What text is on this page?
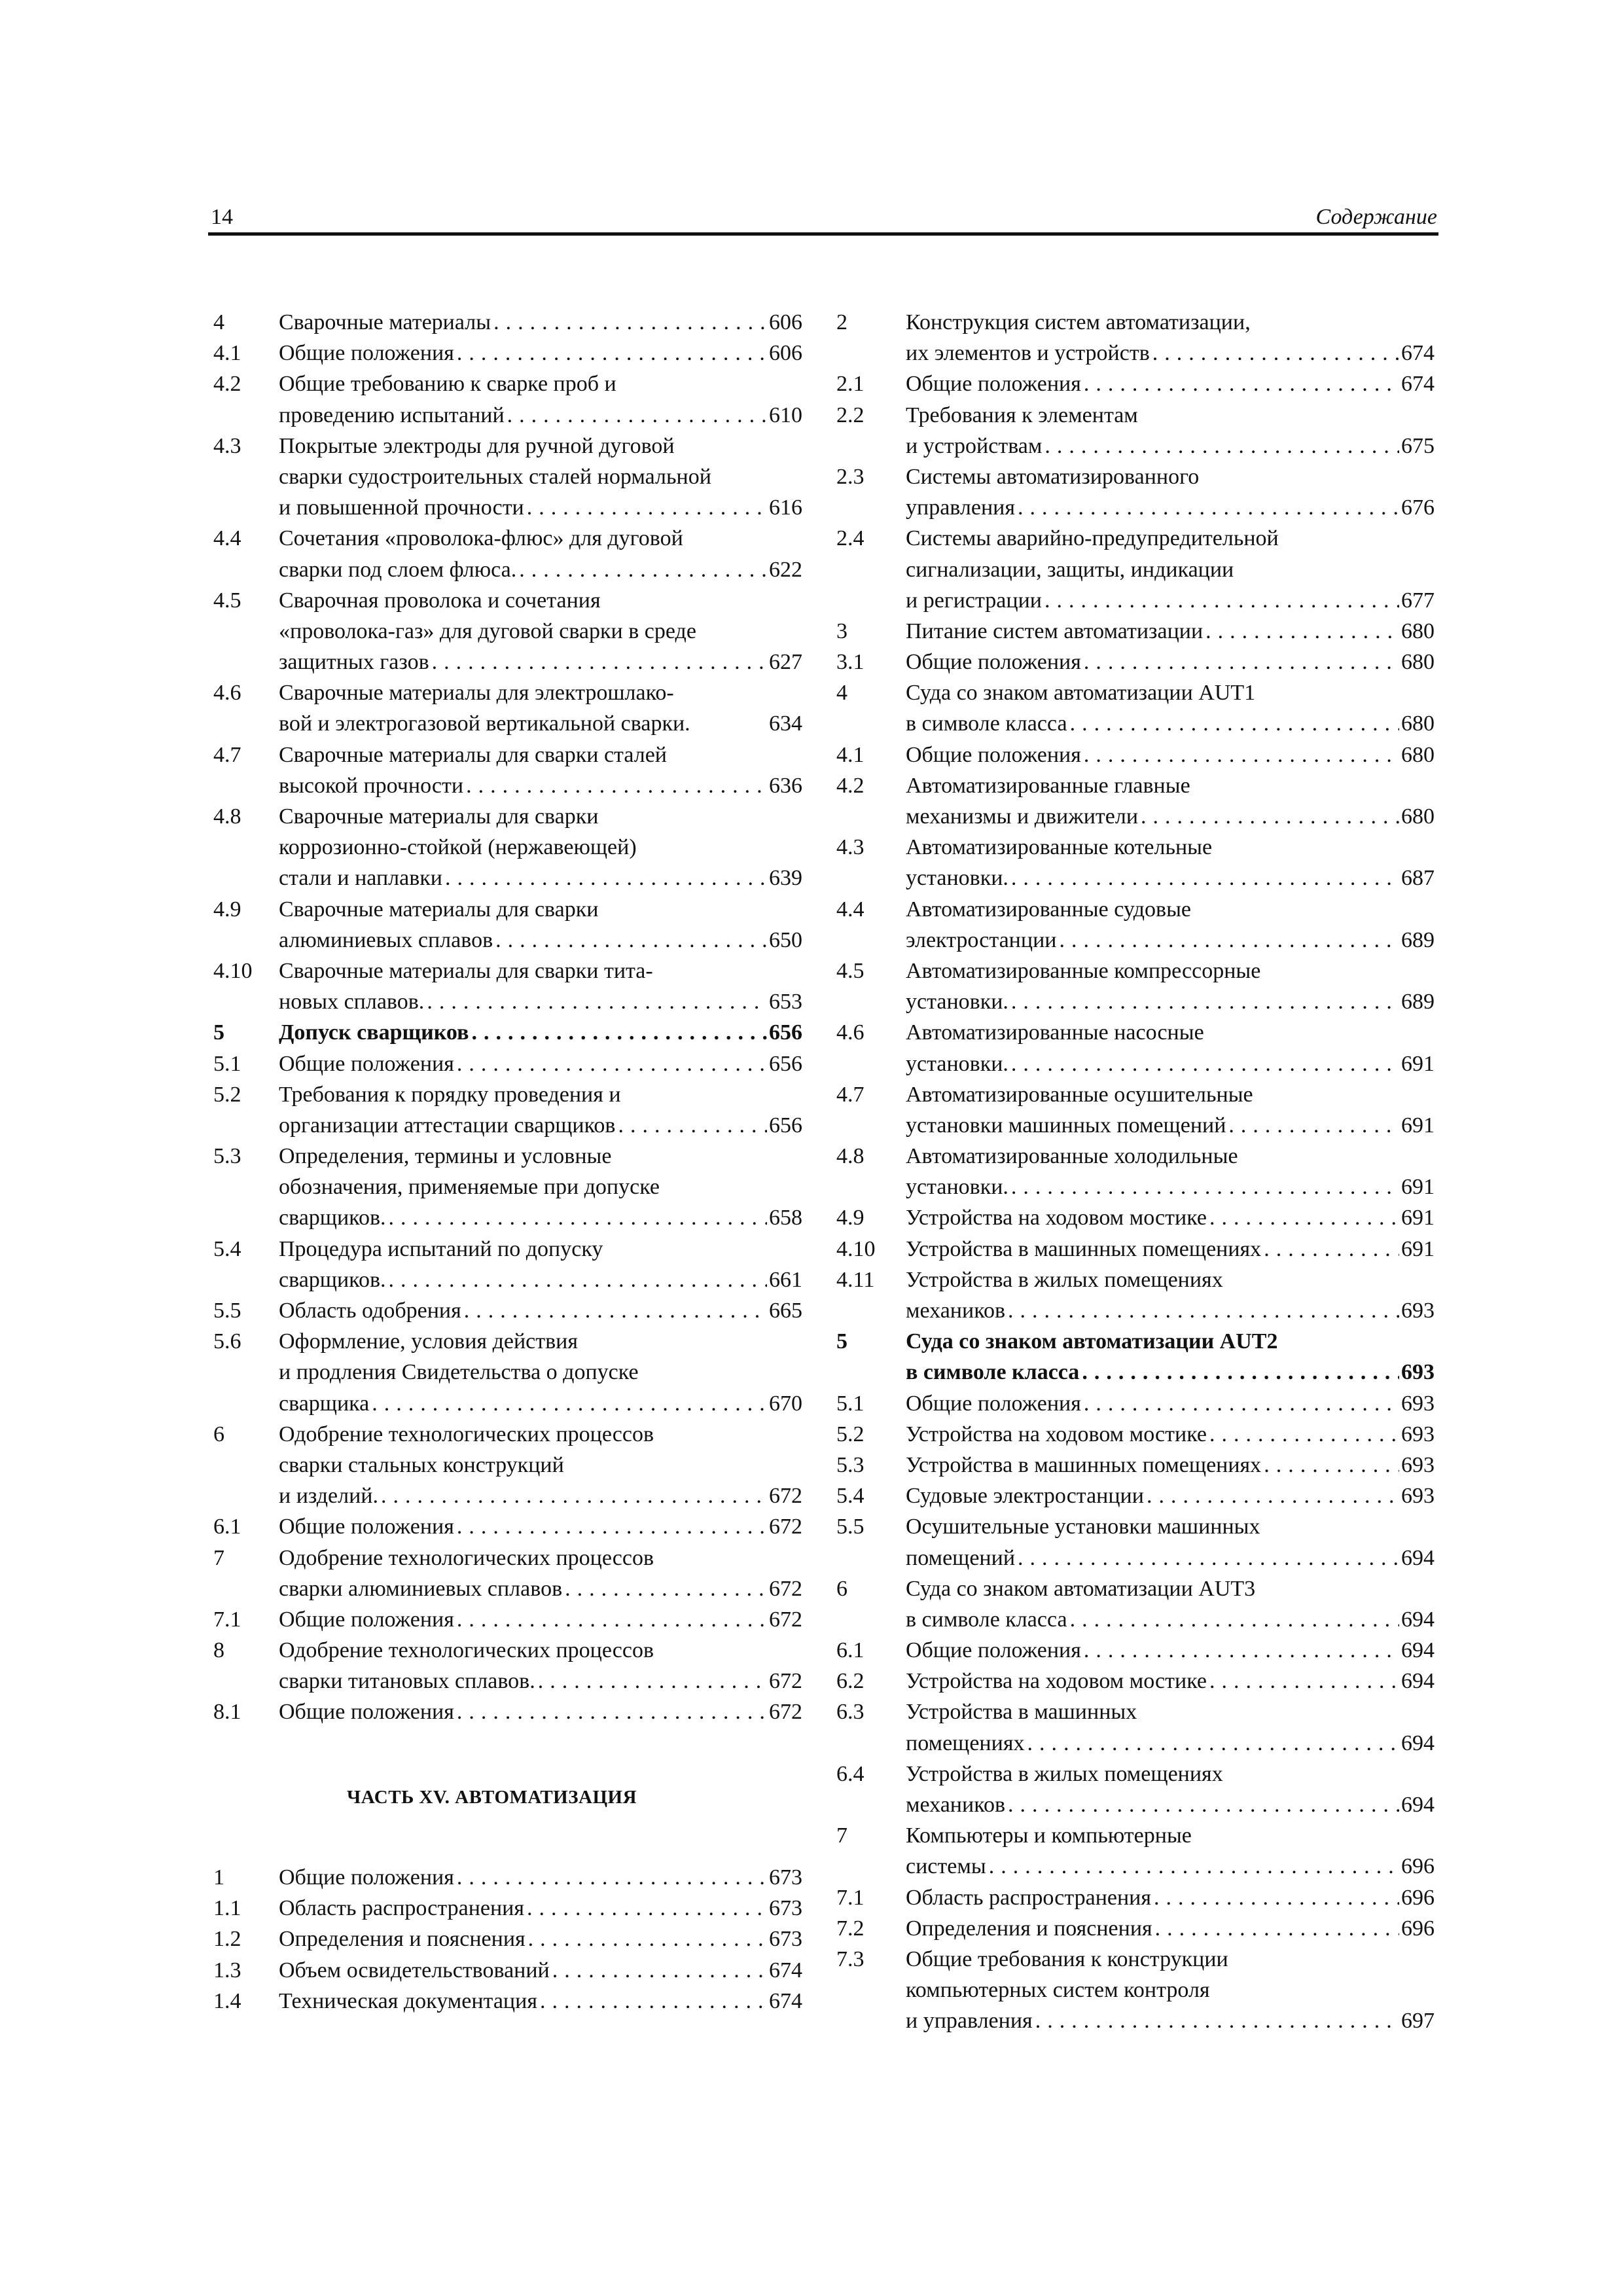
14	Содержание
4	Сварочные материалы .....	606
4.1	Общие положения .....	606
4.2	Общие требованию к сварке проб и
проведению испытаний .....	610
4.3	Покрытые электроды для ручной дуговой
сварки судостроительных сталей нормальной
и повышенной прочности .....	616
4.4	Сочетания «проволока-флюс» для дуговой
сварки под слоем флюса. .....	622
4.5	Сварочная проволока и сочетания
«проволока-газ» для дуговой сварки в среде
защитных газов .....	627
4.6	Сварочные материалы для электрошлако-
вой и электрогазовой вертикальной сварки.	634
4.7	Сварочные материалы для сварки сталей
высокой прочности .....	636
4.8	Сварочные материалы для сварки
коррозионно-стойкой (нержавеющей)
стали и наплавки .....	639
4.9	Сварочные материалы для сварки
алюминиевых сплавов .....	650
4.10	Сварочные материалы для сварки тита-
новых сплавов. .....	653
5	Допуск сварщиков .....	656
5.1	Общие положения .....	656
5.2	Требования к порядку проведения и
организации аттестации сварщиков .....	656
5.3	Определения, термины и условные
обозначения, применяемые при допуске
сварщиков. .....	658
5.4	Процедура испытаний по допуску
сварщиков. .....	661
5.5	Область одобрения .....	665
5.6	Оформление, условия действия
и продления Свидетельства о допуске
сварщика .....	670
6	Одобрение технологических процессов
сварки стальных конструкций
и изделий. .....	672
6.1	Общие положения .....	672
7	Одобрение технологических процессов
сварки алюминиевых сплавов .....	672
7.1	Общие положения .....	672
8	Одобрение технологических процессов
сварки титановых сплавов. .....	672
8.1	Общие положения .....	672
ЧАСТЬ XV. АВТОМАТИЗАЦИЯ
1	Общие положения .....	673
1.1	Область распространения .....	673
1.2	Определения и пояснения .....	673
1.3	Объем освидетельствований .....	674
1.4	Техническая документация .....	674
2	Конструкция систем автоматизации,
их элементов и устройств .....	674
2.1	Общие положения .....	674
2.2	Требования к элементам
и устройствам .....	675
2.3	Системы автоматизированного
управления .....	676
2.4	Системы аварийно-предупредительной
сигнализации, защиты, индикации
и регистрации .....	677
3	Питание систем автоматизации .....	680
3.1	Общие положения .....	680
4	Суда со знаком автоматизации AUT1
в символе класса .....	680
4.1	Общие положения .....	680
4.2	Автоматизированные главные
механизмы и движители .....	680
4.3	Автоматизированные котельные
установки. .....	687
4.4	Автоматизированные судовые
электростанции .....	689
4.5	Автоматизированные компрессорные
установки. .....	689
4.6	Автоматизированные насосные
установки. .....	691
4.7	Автоматизированные осушительные
установки машинных помещений .....	691
4.8	Автоматизированные холодильные
установки. .....	691
4.9	Устройства на ходовом мостике .....	691
4.10	Устройства в машинных помещениях .....	691
4.11	Устройства в жилых помещениях
механиков .....	693
5	Суда со знаком автоматизации AUT2
в символе класса .....	693
5.1	Общие положения .....	693
5.2	Устройства на ходовом мостике .....	693
5.3	Устройства в машинных помещениях .....	693
5.4	Судовые электростанции .....	693
5.5	Осушительные установки машинных
помещений .....	694
6	Суда со знаком автоматизации AUT3
в символе класса .....	694
6.1	Общие положения .....	694
6.2	Устройства на ходовом мостике .....	694
6.3	Устройства в машинных
помещениях .....	694
6.4	Устройства в жилых помещениях
механиков .....	694
7	Компьютеры и компьютерные
системы .....	696
7.1	Область распространения .....	696
7.2	Определения и пояснения .....	696
7.3	Общие требования к конструкции
компьютерных систем контроля
и управления .....	697
